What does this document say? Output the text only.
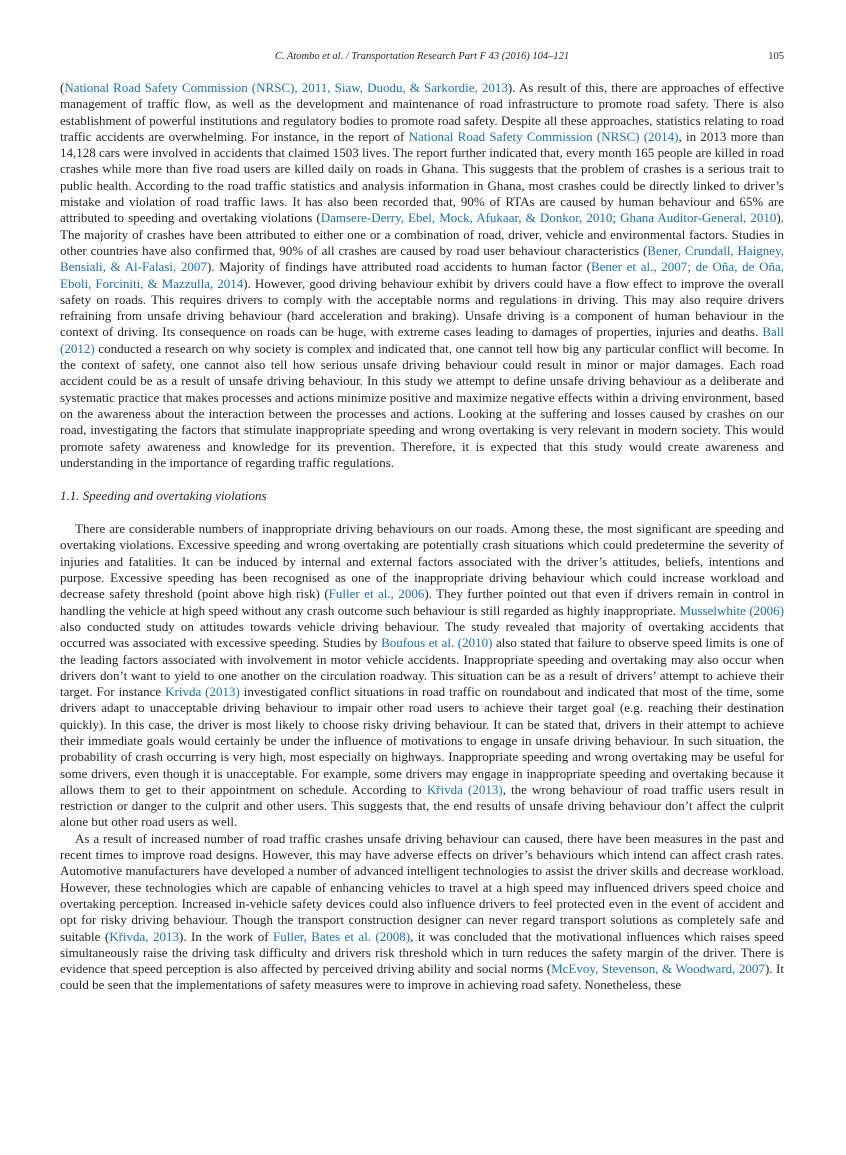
C. Atombo et al. / Transportation Research Part F 43 (2016) 104–121	105

(National Road Safety Commission (NRSC), 2011, Siaw, Duodu, & Sarkordie, 2013). As result of this, there are approaches of effective management of traffic flow, as well as the development and maintenance of road infrastructure to promote road safety. There is also establishment of powerful institutions and regulatory bodies to promote road safety. Despite all these approaches, statistics relating to road traffic accidents are overwhelming. For instance, in the report of National Road Safety Commission (NRSC) (2014), in 2013 more than 14,128 cars were involved in accidents that claimed 1503 lives. The report further indicated that, every month 165 people are killed in road crashes while more than five road users are killed daily on roads in Ghana. This suggests that the problem of crashes is a serious trait to public health. According to the road traffic statistics and analysis information in Ghana, most crashes could be directly linked to driver’s mistake and violation of road traffic laws. It has also been recorded that, 90% of RTAs are caused by human behaviour and 65% are attributed to speeding and overtaking violations (Damsere-Derry, Ebel, Mock, Afukaar, & Donkor, 2010; Ghana Auditor-General, 2010). The majority of crashes have been attributed to either one or a combination of road, driver, vehicle and environmental factors. Studies in other countries have also confirmed that, 90% of all crashes are caused by road user behaviour characteristics (Bener, Crundall, Haigney, Bensiali, & Al-Falasi, 2007). Majority of findings have attributed road accidents to human factor (Bener et al., 2007; de Oña, de Oña, Eboli, Forciniti, & Mazzulla, 2014). However, good driving behaviour exhibit by drivers could have a flow effect to improve the overall safety on roads. This requires drivers to comply with the acceptable norms and regulations in driving. This may also require drivers refraining from unsafe driving behaviour (hard acceleration and braking). Unsafe driving is a component of human behaviour in the context of driving. Its consequence on roads can be huge, with extreme cases leading to damages of properties, injuries and deaths. Ball (2012) conducted a research on why society is complex and indicated that, one cannot tell how big any particular conflict will become. In the context of safety, one cannot also tell how serious unsafe driving behaviour could result in minor or major damages. Each road accident could be as a result of unsafe driving behaviour. In this study we attempt to define unsafe driving behaviour as a deliberate and systematic practice that makes processes and actions minimize positive and maximize negative effects within a driving environment, based on the awareness about the interaction between the processes and actions. Looking at the suffering and losses caused by crashes on our road, investigating the factors that stimulate inappropriate speeding and wrong overtaking is very relevant in modern society. This would promote safety awareness and knowledge for its prevention. Therefore, it is expected that this study would create awareness and understanding in the importance of regarding traffic regulations.

1.1. Speeding and overtaking violations

There are considerable numbers of inappropriate driving behaviours on our roads. Among these, the most significant are speeding and overtaking violations. Excessive speeding and wrong overtaking are potentially crash situations which could predetermine the severity of injuries and fatalities. It can be induced by internal and external factors associated with the driver’s attitudes, beliefs, intentions and purpose. Excessive speeding has been recognised as one of the inappropriate driving behaviour which could increase workload and decrease safety threshold (point above high risk) (Fuller et al., 2006). They further pointed out that even if drivers remain in control in handling the vehicle at high speed without any crash outcome such behaviour is still regarded as highly inappropriate. Musselwhite (2006) also conducted study on attitudes towards vehicle driving behaviour. The study revealed that majority of overtaking accidents that occurred was associated with excessive speeding. Studies by Boufous et al. (2010) also stated that failure to observe speed limits is one of the leading factors associated with involvement in motor vehicle accidents. Inappropriate speeding and overtaking may also occur when drivers don’t want to yield to one another on the circulation roadway. This situation can be as a result of drivers’ attempt to achieve their target. For instance Krivda (2013) investigated conflict situations in road traffic on roundabout and indicated that most of the time, some drivers adapt to unacceptable driving behaviour to impair other road users to achieve their target goal (e.g. reaching their destination quickly). In this case, the driver is most likely to choose risky driving behaviour. It can be stated that, drivers in their attempt to achieve their immediate goals would certainly be under the influence of motivations to engage in unsafe driving behaviour. In such situation, the probability of crash occurring is very high, most especially on highways. Inappropriate speeding and wrong overtaking may be useful for some drivers, even though it is unacceptable. For example, some drivers may engage in inappropriate speeding and overtaking because it allows them to get to their appointment on schedule. According to Křivda (2013), the wrong behaviour of road traffic users result in restriction or danger to the culprit and other users. This suggests that, the end results of unsafe driving behaviour don’t affect the culprit alone but other road users as well.

As a result of increased number of road traffic crashes unsafe driving behaviour can caused, there have been measures in the past and recent times to improve road designs. However, this may have adverse effects on driver’s behaviours which intend can affect crash rates. Automotive manufacturers have developed a number of advanced intelligent technologies to assist the driver skills and decrease workload. However, these technologies which are capable of enhancing vehicles to travel at a high speed may influenced drivers speed choice and overtaking perception. Increased in-vehicle safety devices could also influence drivers to feel protected even in the event of accident and opt for risky driving behaviour. Though the transport construction designer can never regard transport solutions as completely safe and suitable (Křivda, 2013). In the work of Fuller, Bates et al. (2008), it was concluded that the motivational influences which raises speed simultaneously raise the driving task difficulty and drivers risk threshold which in turn reduces the safety margin of the driver. There is evidence that speed perception is also affected by perceived driving ability and social norms (McEvoy, Stevenson, & Woodward, 2007). It could be seen that the implementations of safety measures were to improve in achieving road safety. Nonetheless, these
